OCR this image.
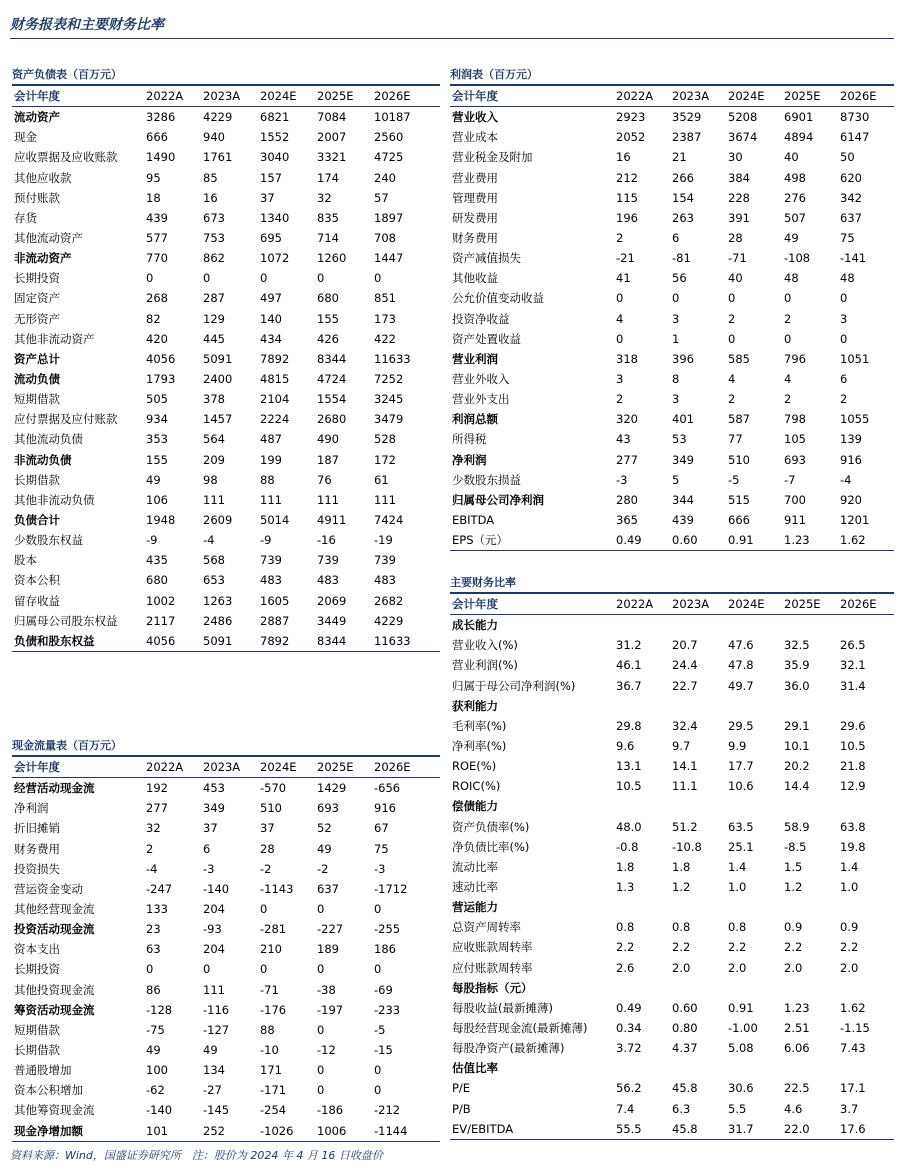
财务报表和主要财务比率
资产负债表（百万元）					
会计年度	2022A	2023A	2024E	2025E	2026E
流动资产	3286	4229	6821	7084	10187
现金	666	940	1552	2007	2560
应收票据及应收账款	1490	1761	3040	3321	4725
其他应收款	95	85	157	174	240
预付账款	18	16	37	32	57
存货	439	673	1340	835	1897
其他流动资产	577	753	695	714	708
非流动资产	770	862	1072	1260	1447
长期投资	0	0	0	0	0
固定资产	268	287	497	680	851
无形资产	82	129	140	155	173
其他非流动资产	420	445	434	426	422
资产总计	4056	5091	7892	8344	11633
流动负债	1793	2400	4815	4724	7252
短期借款	505	378	2104	1554	3245
应付票据及应付账款	934	1457	2224	2680	3479
其他流动负债	353	564	487	490	528
非流动负债	155	209	199	187	172
长期借款	49	98	88	76	61
其他非流动负债	106	111	111	111	111
负债合计	1948	2609	5014	4911	7424
少数股东权益	-9	-4	-9	-16	-19
股本	435	568	739	739	739
资本公积	680	653	483	483	483
留存收益	1002	1263	1605	2069	2682
归属母公司股东权益	2117	2486	2887	3449	4229
负债和股东权益	4056	5091	7892	8344	11633
利润表（百万元）					
会计年度	2022A	2023A	2024E	2025E	2026E
营业收入	2923	3529	5208	6901	8730
营业成本	2052	2387	3674	4894	6147
营业税金及附加	16	21	30	40	50
营业费用	212	266	384	498	620
管理费用	115	154	228	276	342
研发费用	196	263	391	507	637
财务费用	2	6	28	49	75
资产减值损失	-21	-81	-71	-108	-141
其他收益	41	56	40	48	48
公允价值变动收益	0	0	0	0	0
投资净收益	4	3	2	2	3
资产处置收益	0	1	0	0	0
营业利润	318	396	585	796	1051
营业外收入	3	8	4	4	6
营业外支出	2	3	2	2	2
利润总额	320	401	587	798	1055
所得税	43	53	77	105	139
净利润	277	349	510	693	916
少数股东损益	-3	5	-5	-7	-4
归属母公司净利润	280	344	515	700	920
EBITDA	365	439	666	911	1201
EPS（元）	0.49	0.60	0.91	1.23	1.62
现金流量表（百万元）					
会计年度	2022A	2023A	2024E	2025E	2026E
经营活动现金流	192	453	-570	1429	-656
净利润	277	349	510	693	916
折旧摊销	32	37	37	52	67
财务费用	2	6	28	49	75
投资损失	-4	-3	-2	-2	-3
营运资金变动	-247	-140	-1143	637	-1712
其他经营现金流	133	204	0	0	0
投资活动现金流	23	-93	-281	-227	-255
资本支出	63	204	210	189	186
长期投资	0	0	0	0	0
其他投资现金流	86	111	-71	-38	-69
筹资活动现金流	-128	-116	-176	-197	-233
短期借款	-75	-127	88	0	-5
长期借款	49	49	-10	-12	-15
普通股增加	100	134	171	0	0
资本公积增加	-62	-27	-171	0	0
其他筹资现金流	-140	-145	-254	-186	-212
现金净增加额	101	252	-1026	1006	-1144
主要财务比率					
会计年度	2022A	2023A	2024E	2025E	2026E
成长能力					
营业收入(%)	31.2	20.7	47.6	32.5	26.5
营业利润(%)	46.1	24.4	47.8	35.9	32.1
归属于母公司净利润(%)	36.7	22.7	49.7	36.0	31.4
获利能力					
毛利率(%)	29.8	32.4	29.5	29.1	29.6
净利率(%)	9.6	9.7	9.9	10.1	10.5
ROE(%)	13.1	14.1	17.7	20.2	21.8
ROIC(%)	10.5	11.1	10.6	14.4	12.9
偿债能力					
资产负债率(%)	48.0	51.2	63.5	58.9	63.8
净负债比率(%)	-0.8	-10.8	25.1	-8.5	19.8
流动比率	1.8	1.8	1.4	1.5	1.4
速动比率	1.3	1.2	1.0	1.2	1.0
营运能力					
总资产周转率	0.8	0.8	0.8	0.9	0.9
应收账款周转率	2.2	2.2	2.2	2.2	2.2
应付账款周转率	2.6	2.0	2.0	2.0	2.0
每股指标（元）					
每股收益(最新摊薄)	0.49	0.60	0.91	1.23	1.62
每股经营现金流(最新摊薄)	0.34	0.80	-1.00	2.51	-1.15
每股净资产(最新摊薄)	3.72	4.37	5.08	6.06	7.43
估值比率					
P/E	56.2	45.8	30.6	22.5	17.1
P/B	7.4	6.3	5.5	4.6	3.7
EV/EBITDA	55.5	45.8	31.7	22.0	17.6
资料来源：Wind，国盛证券研究所　注：股价为 2024 年 4 月 16 日收盘价
